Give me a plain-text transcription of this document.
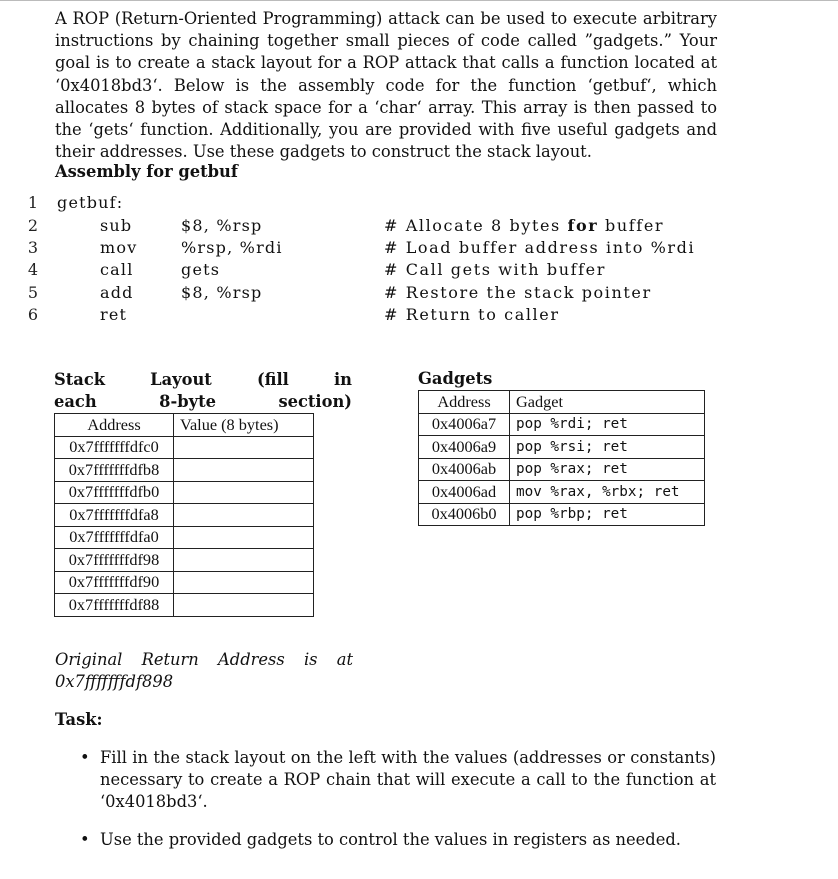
A ROP (Return-Oriented Programming) attack can be used to execute arbitrary instructions by chaining together small pieces of code called ”gadgets.” Your goal is to create a stack layout for a ROP attack that calls a function located at ‘0x4018bd3‘. Below is the assembly code for the function ‘getbuf‘, which allocates 8 bytes of stack space for a ‘char‘ array. This array is then passed to the ‘gets‘ function. Additionally, you are provided with five useful gadgets and their addresses. Use these gadgets to construct the stack layout.
Assembly for getbuf
1 getbuf:
2	sub	$8, %rsp	# Allocate 8 bytes for buffer
3	mov	%rsp, %rdi	# Load buffer address into %rdi
4	call	gets	# Call gets with buffer
5	add	$8, %rsp	# Restore the stack pointer
6	ret	# Return to caller
Stack	Layout	(fill	in
each	8-byte	section)
Address	Value (8 bytes)
0x7fffffffdfc0	
0x7fffffffdfb8	
0x7fffffffdfb0	
0x7fffffffdfa8	
0x7fffffffdfa0	
0x7fffffffdf98	
0x7fffffffdf90	
0x7fffffffdf88	
Gadgets
Address	Gadget
0x4006a7	pop %rdi; ret
0x4006a9	pop %rsi; ret
0x4006ab	pop %rax; ret
0x4006ad	mov %rax, %rbx; ret
0x4006b0	pop %rbp; ret
Original Return Address is at
0x7fffffffdf898
Task:
• Fill in the stack layout on the left with the values (addresses or constants) necessary to create a ROP chain that will execute a call to the function at ‘0x4018bd3‘.
• Use the provided gadgets to control the values in registers as needed.
